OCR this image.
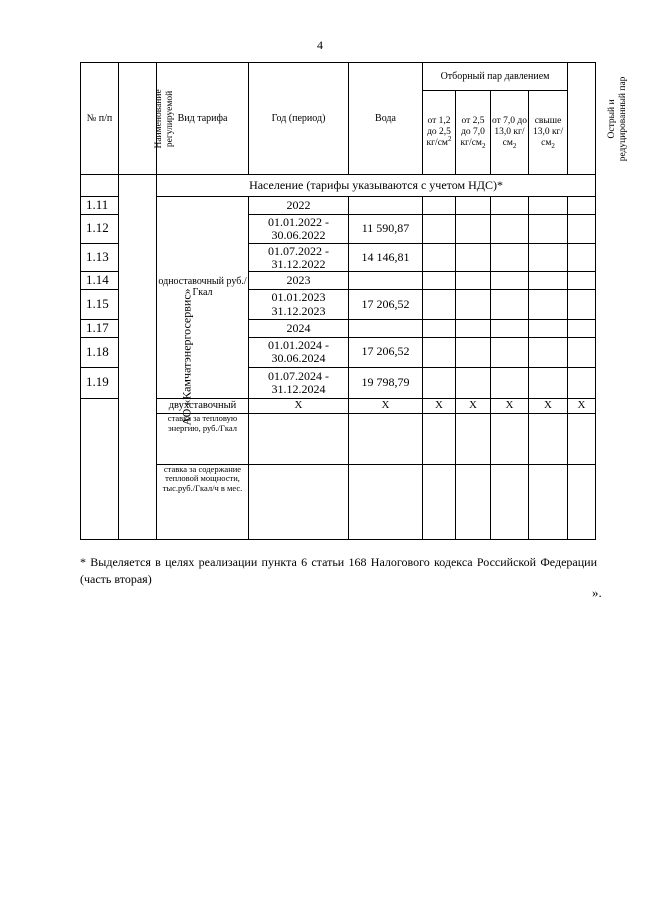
4
№ п/п	Наименование регулируемой	Вид тарифа	Год (период)	Вода	Отборный пар давлением				Острый и редуцированный пар
					от 1,2 до 2,5 $кг/см^2$	от 2,5 до 7,0 $кг/см_2$	от 7,0 до 13,0 $кг/см_2$	свыше 13,0 $кг/см_2$
	АО «Камчатэнергосервис»	Население (тарифы указываются с учетом НДС)*							
1.11		одноставочный руб./Гкал	2022						
1.12			01.01.2022 - 30.06.2022	11 590,87					
1.13			01.07.2022 - 31.12.2022	14 146,81					
1.14			2023						
1.15			01.01.2023 31.12.2023	17 206,52					
1.17			2024						
1.18			01.01.2024 - 30.06.2024	17 206,52					
1.19			01.07.2024 - 31.12.2024	19 798,79					
		двухставочный	X	X	X	X	X	X	X
		ставка за тепловую энергию, руб./Гкал							
		ставка за содержание тепловой мощности, тыс.руб./Гкал/ч в мес.							
* Выделяется в целях реализации пункта 6 статьи 168 Налогового кодекса Российской Федерации (часть вторая)
».
